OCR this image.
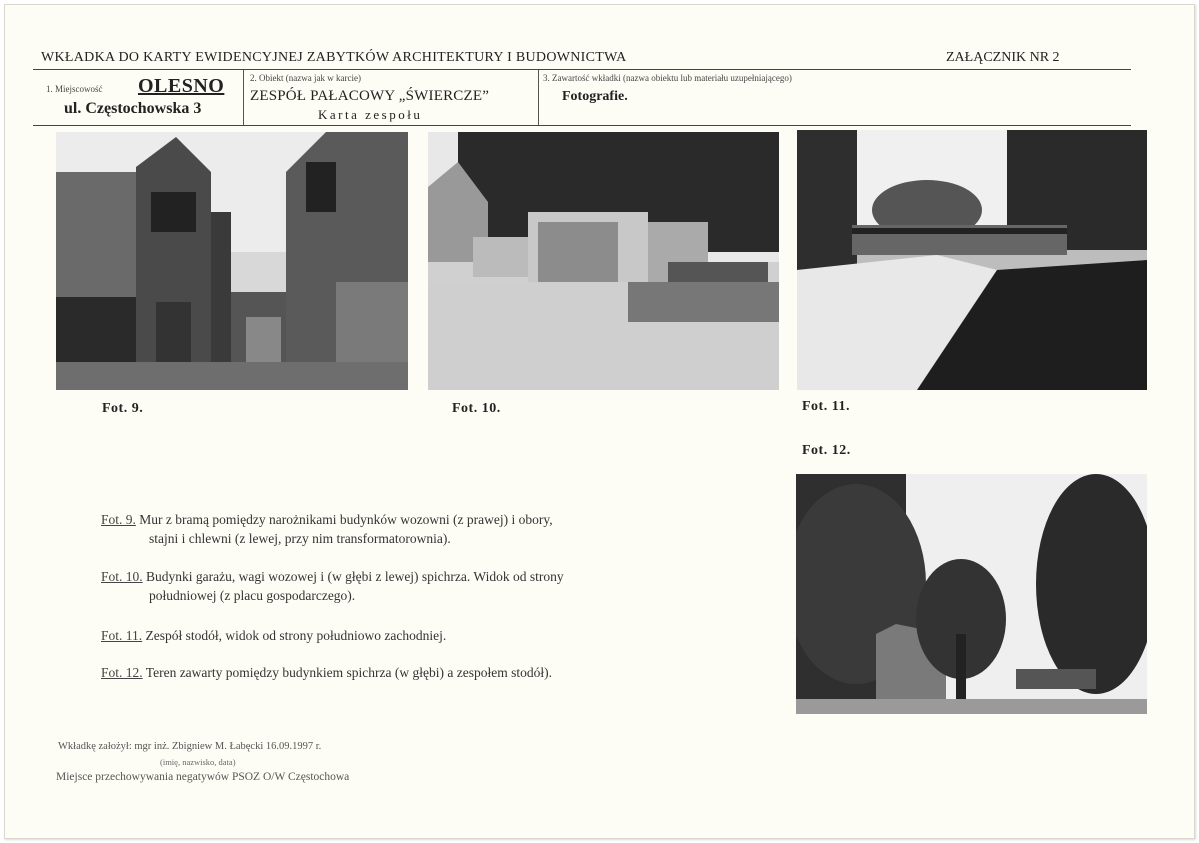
WKŁADKA DO KARTY EWIDENCYJNEJ ZABYTKÓW ARCHITEKTURY I BUDOWNICTWA	ZAŁĄCZNIK NR 2
1. Miejscowość OLESNO
ul. Częstochowska 3
2. Obiekt (nazwa jak w karcie)
ZESPÓŁ PAŁACOWY „ŚWIERCZE”
Karta zespołu
3. Zawartość wkładki (nazwa obiektu lub materiału uzupełniającego)
Fotografie.
Fot. 9.	Fot. 10.	Fot. 11.
Fot. 12.
Fot. 9. Mur z bramą pomiędzy narożnikami budynków wozowni (z prawej) i obory,
stajni i chlewni (z lewej, przy nim transformatorownia).
Fot. 10. Budynki garażu, wagi wozowej i (w głębi z lewej) spichrza. Widok od strony
południowej (z placu gospodarczego).
Fot. 11. Zespół stodół, widok od strony południowo zachodniej.
Fot. 12. Teren zawarty pomiędzy budynkiem spichrza (w głębi) a zespołem stodół).
Wkładkę założył: mgr inż. Zbigniew M. Łabęcki 16.09.1997 r.
(imię, nazwisko, data)
Miejsce przechowywania negatywów PSOZ O/W Częstochowa
